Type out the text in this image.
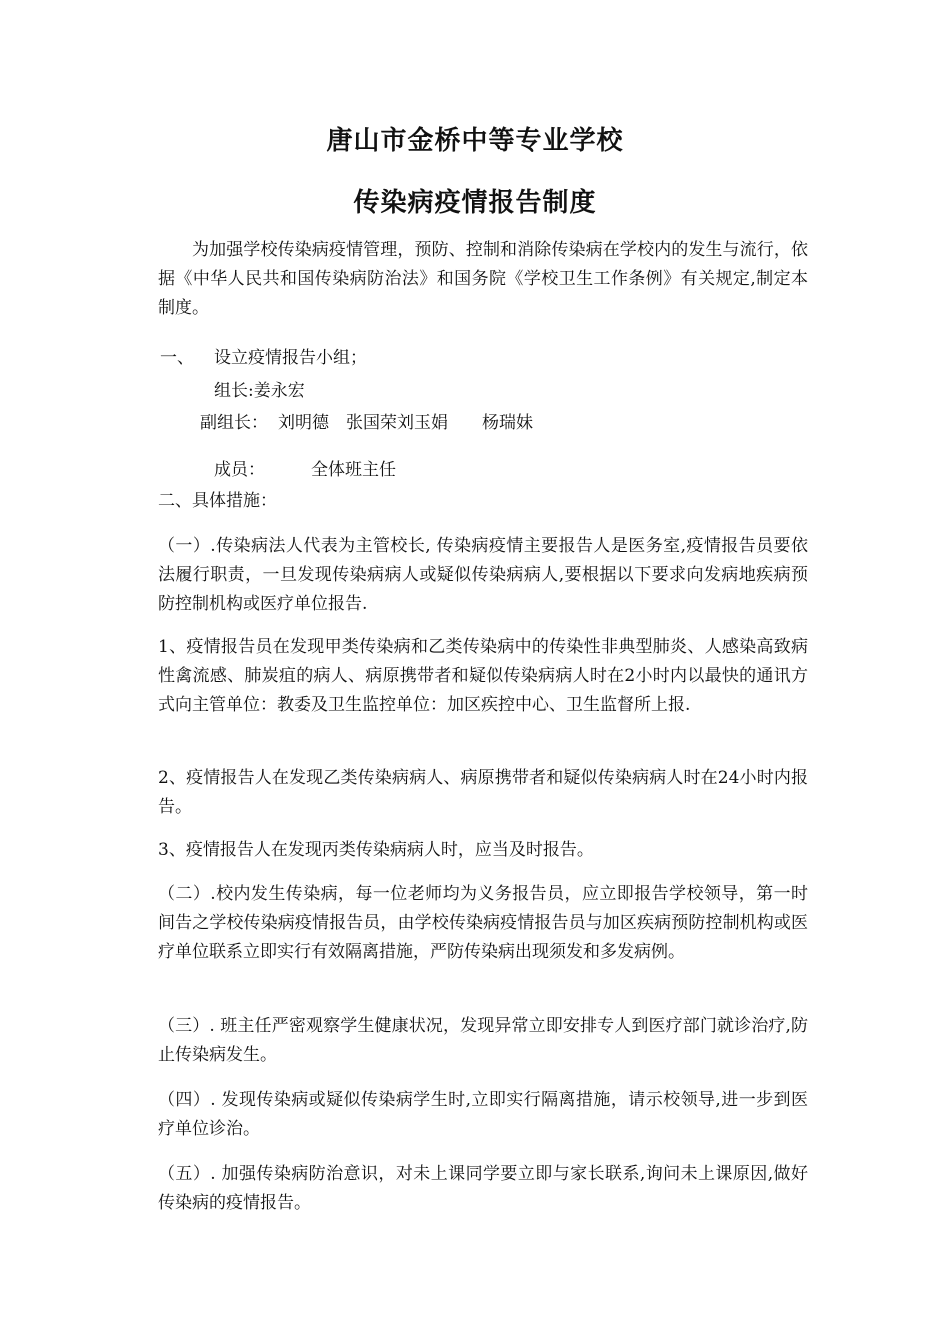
唐山市金桥中等专业学校
传染病疫情报告制度
为加强学校传染病疫情管理，预防、控制和消除传染病在学校内的发生与流行，依据《中华人民共和国传染病防治法》和国务院《学校卫生工作条例》有关规定,制定本制度。
一、 设立疫情报告小组；
组长:姜永宏
副组长： 刘明德　张国荣刘玉娟　　杨瑞妹
成员：	全体班主任
二、具体措施：
（一）.传染病法人代表为主管校长, 传染病疫情主要报告人是医务室,疫情报告员要依法履行职责，一旦发现传染病病人或疑似传染病病人,要根据以下要求向发病地疾病预防控制机构或医疗单位报告.
1、疫情报告员在发现甲类传染病和乙类传染病中的传染性非典型肺炎、人感染高致病性禽流感、肺炭疽的病人、病原携带者和疑似传染病病人时在2小时内以最快的通讯方式向主管单位：教委及卫生监控单位：加区疾控中心、卫生监督所上报.
2、疫情报告人在发现乙类传染病病人、病原携带者和疑似传染病病人时在24小时内报告。
3、疫情报告人在发现丙类传染病病人时，应当及时报告。
（二）.校内发生传染病，每一位老师均为义务报告员，应立即报告学校领导，第一时间告之学校传染病疫情报告员，由学校传染病疫情报告员与加区疾病预防控制机构或医疗单位联系立即实行有效隔离措施，严防传染病出现须发和多发病例。
（三）. 班主任严密观察学生健康状况，发现异常立即安排专人到医疗部门就诊治疗,防止传染病发生。
（四）. 发现传染病或疑似传染病学生时,立即实行隔离措施，请示校领导,进一步到医疗单位诊治。
（五）. 加强传染病防治意识，对未上课同学要立即与家长联系,询问未上课原因,做好传染病的疫情报告。
